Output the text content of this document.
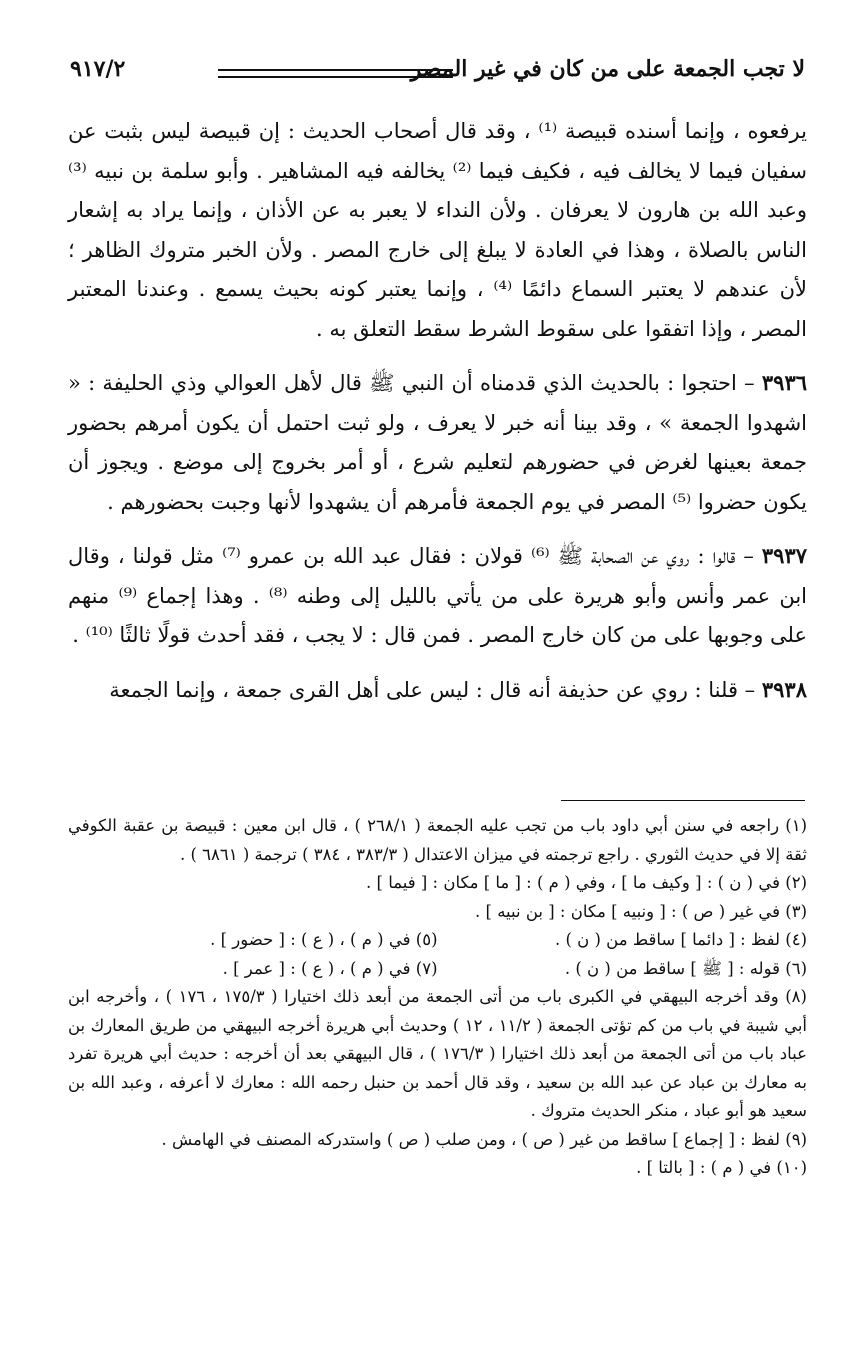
لا تجب الجمعة على من كان في غير المصر
٩١٧/٢

يرفعوه ، وإنما أسنده قبيصة ⁽¹⁾ ، وقد قال أصحاب الحديث : إن قبيصة ليس بثبت عن سفيان فيما لا يخالف فيه ، فكيف فيما ⁽²⁾ يخالفه فيه المشاهير . وأبو سلمة بن نبيه ⁽³⁾ وعبد الله بن هارون لا يعرفان . ولأن النداء لا يعبر به عن الأذان ، وإنما يراد به إشعار الناس بالصلاة ، وهذا في العادة لا يبلغ إلى خارج المصر . ولأن الخبر متروك الظاهر ؛ لأن عندهم لا يعتبر السماع دائمًا ⁽⁴⁾ ، وإنما يعتبر كونه بحيث يسمع . وعندنا المعتبر المصر ، وإذا اتفقوا على سقوط الشرط سقط التعلق به .

٣٩٣٦ – احتجوا : بالحديث الذي قدمناه أن النبي ﷺ قال لأهل العوالي وذي الحليفة : « اشهدوا الجمعة » ، وقد بينا أنه خبر لا يعرف ، ولو ثبت احتمل أن يكون أمرهم بحضور جمعة بعينها لغرض في حضورهم لتعليم شرع ، أو أمر بخروج إلى موضع . ويجوز أن يكون حضروا ⁽⁵⁾ المصر في يوم الجمعة فأمرهم أن يشهدوا لأنها وجبت بحضورهم .

٣٩٣٧ – قالوا : روي عن الصحابة ﷺ ⁽⁶⁾ قولان : فقال عبد الله بن عمرو ⁽⁷⁾ مثل قولنا ، وقال ابن عمر وأنس وأبو هريرة على من يأتي بالليل إلى وطنه ⁽⁸⁾ . وهذا إجماع ⁽⁹⁾ منهم على وجوبها على من كان خارج المصر . فمن قال : لا يجب ، فقد أحدث قولًا ثالثًا ⁽¹⁰⁾ .

٣٩٣٨ – قلنا : روي عن حذيفة أنه قال : ليس على أهل القرى جمعة ، وإنما الجمعة

(١) راجعه في سنن أبي داود باب من تجب عليه الجمعة ( ٢٦٨/١ ) ، قال ابن معين : قبيصة بن عقبة الكوفي ثقة إلا في حديث الثوري . راجع ترجمته في ميزان الاعتدال ( ٣٨٣/٣ ، ٣٨٤ ) ترجمة ( ٦٨٦١ ) .

(٢) في ( ن ) : [ وكيف ما ] ، وفي ( م ) : [ ما ] مكان : [ فيما ] .

(٣) في غير ( ص ) : [ ونبيه ] مكان : [ بن نبيه ] .

(٤) لفظ : [ دائما ] ساقط من ( ن ) .
(٥) في ( م ) ، ( ع ) : [ حضور ] .
(٦) قوله : [ ﷺ ] ساقط من ( ن ) .
(٧) في ( م ) ، ( ع ) : [ عمر ] .

(٨) وقد أخرجه البيهقي في الكبرى باب من أتى الجمعة من أبعد ذلك اختيارا ( ١٧٥/٣ ، ١٧٦ ) ، وأخرجه ابن أبي شيبة في باب من كم تؤتى الجمعة ( ١١/٢ ، ١٢ ) وحديث أبي هريرة أخرجه البيهقي من طريق المعارك بن عباد باب من أتى الجمعة من أبعد ذلك اختيارا ( ١٧٦/٣ ) ، قال البيهقي بعد أن أخرجه : حديث أبي هريرة تفرد به معارك بن عباد عن عبد الله بن سعيد ، وقد قال أحمد بن حنبل رحمه الله : معارك لا أعرفه ، وعبد الله بن سعيد هو أبو عباد ، منكر الحديث متروك .

(٩) لفظ : [ إجماع ] ساقط من غير ( ص ) ، ومن صلب ( ص ) واستدركه المصنف في الهامش .

(١٠) في ( م ) : [ بالتا ] .
